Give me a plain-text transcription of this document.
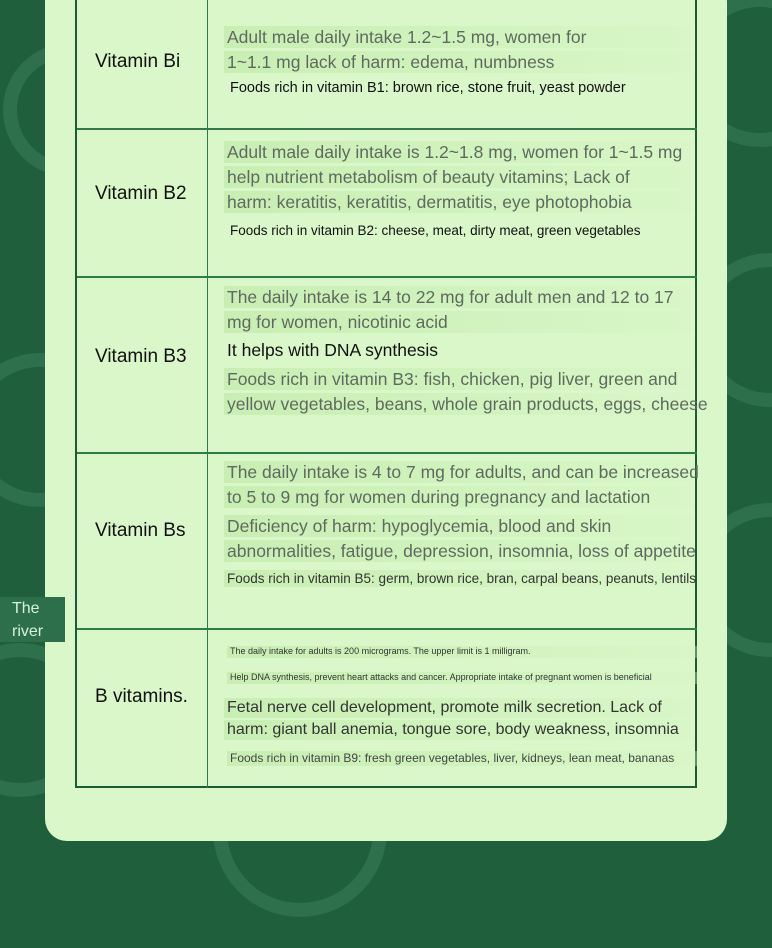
The
river
Vitamin Bi
Adult male daily intake 1.2~1.5 mg, women for
1~1.1 mg lack of harm: edema, numbness
Foods rich in vitamin B1: brown rice, stone fruit, yeast powder
Vitamin B2
Adult male daily intake is 1.2~1.8 mg, women for 1~1.5 mg
help nutrient metabolism of beauty vitamins; Lack of
harm: keratitis, keratitis, dermatitis, eye photophobia
Foods rich in vitamin B2: cheese, meat, dirty meat, green vegetables
Vitamin B3
The daily intake is 14 to 22 mg for adult men and 12 to 17
mg for women, nicotinic acid
It helps with DNA synthesis
Foods rich in vitamin B3: fish, chicken, pig liver, green and
yellow vegetables, beans, whole grain products, eggs, cheese
Vitamin Bs
The daily intake is 4 to 7 mg for adults, and can be increased
to 5 to 9 mg for women during pregnancy and lactation
Deficiency of harm: hypoglycemia, blood and skin
abnormalities, fatigue, depression, insomnia, loss of appetite
Foods rich in vitamin B5: germ, brown rice, bran, carpal beans, peanuts, lentils
B vitamins.
The daily intake for adults is 200 micrograms. The upper limit is 1 milligram.
Help DNA synthesis, prevent heart attacks and cancer. Appropriate intake of pregnant women is beneficial
Fetal nerve cell development, promote milk secretion. Lack of
harm: giant ball anemia, tongue sore, body weakness, insomnia
Foods rich in vitamin B9: fresh green vegetables, liver, kidneys, lean meat, bananas
